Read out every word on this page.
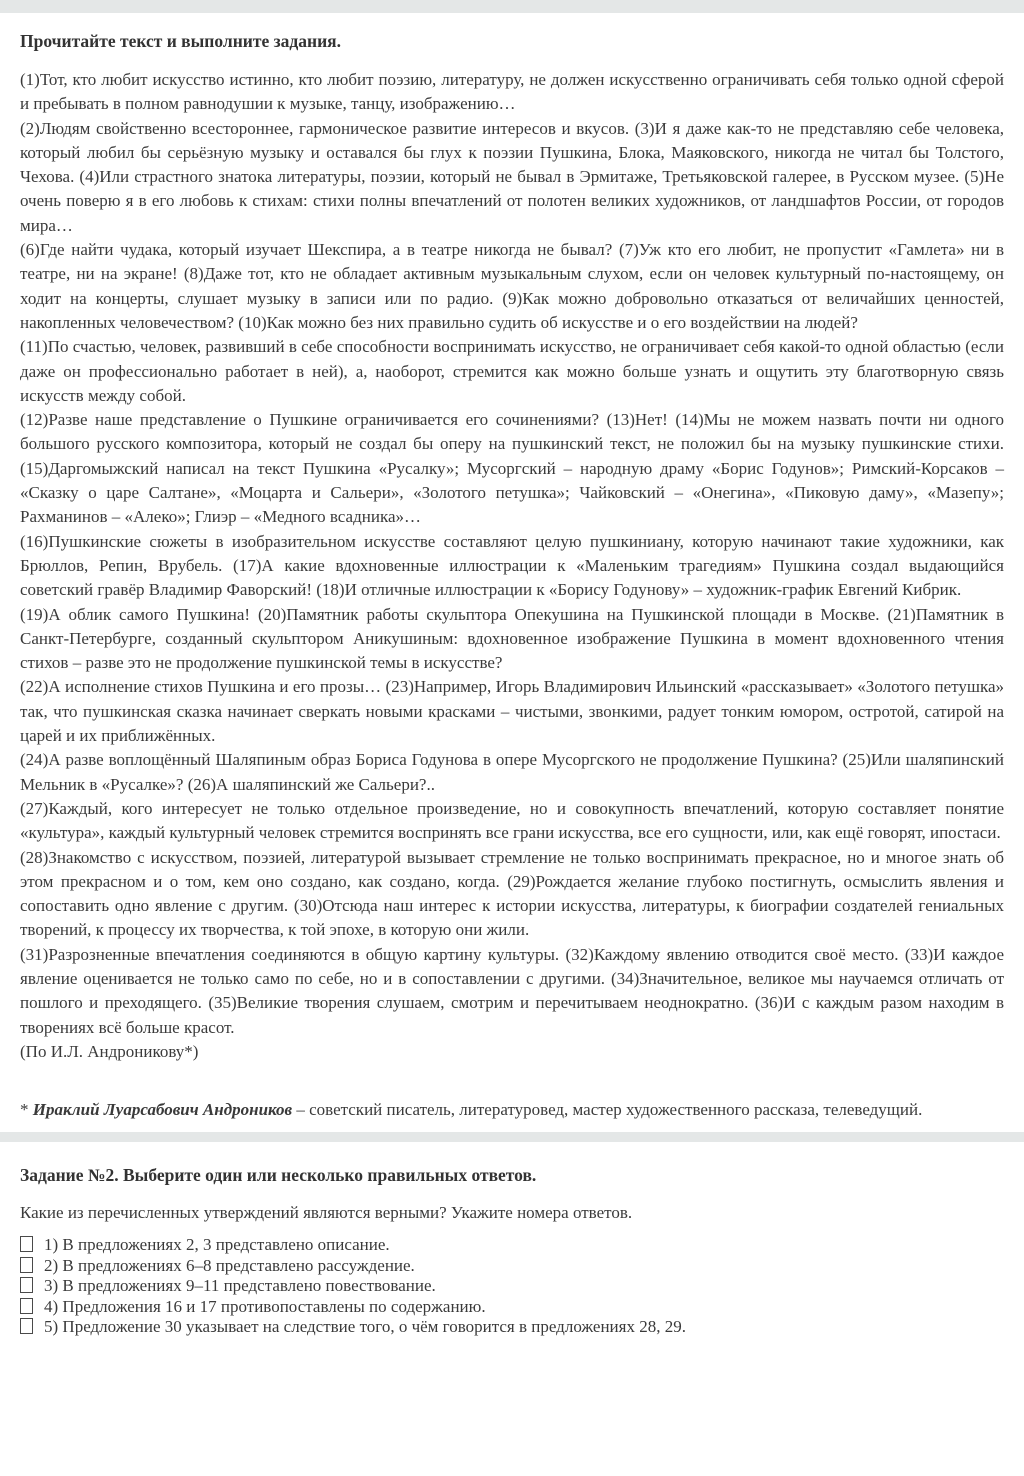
Прочитайте текст и выполните задания.

(1)Тот, кто любит искусство истинно, кто любит поэзию, литературу, не должен искусственно ограничивать себя только одной сферой и пребывать в полном равнодушии к музыке, танцу, изображению…

(2)Людям свойственно всестороннее, гармоническое развитие интересов и вкусов. (3)И я даже как-то не представляю себе человека, который любил бы серьёзную музыку и оставался бы глух к поэзии Пушкина, Блока, Маяковского, никогда не читал бы Толстого, Чехова. (4)Или страстного знатока литературы, поэзии, который не бывал в Эрмитаже, Третьяковской галерее, в Русском музее. (5)Не очень поверю я в его любовь к стихам: стихи полны впечатлений от полотен великих художников, от ландшафтов России, от городов мира…

(6)Где найти чудака, который изучает Шекспира, а в театре никогда не бывал? (7)Уж кто его любит, не пропустит «Гамлета» ни в театре, ни на экране! (8)Даже тот, кто не обладает активным музыкальным слухом, если он человек культурный по-настоящему, он ходит на концерты, слушает музыку в записи или по радио. (9)Как можно добровольно отказаться от величайших ценностей, накопленных человечеством? (10)Как можно без них правильно судить об искусстве и о его воздействии на людей?

(11)По счастью, человек, развивший в себе способности воспринимать искусство, не ограничивает себя какой-то одной областью (если даже он профессионально работает в ней), а, наоборот, стремится как можно больше узнать и ощутить эту благотворную связь искусств между собой.

(12)Разве наше представление о Пушкине ограничивается его сочинениями? (13)Нет! (14)Мы не можем назвать почти ни одного большого русского композитора, который не создал бы оперу на пушкинский текст, не положил бы на музыку пушкинские стихи. (15)Даргомыжский написал на текст Пушкина «Русалку»; Мусоргский – народную драму «Борис Годунов»; Римский-Корсаков – «Сказку о царе Салтане», «Моцарта и Сальери», «Золотого петушка»; Чайковский – «Онегина», «Пиковую даму», «Мазепу»; Рахманинов – «Алеко»; Глиэр – «Медного всадника»…

(16)Пушкинские сюжеты в изобразительном искусстве составляют целую пушкиниану, которую начинают такие художники, как Брюллов, Репин, Врубель. (17)А какие вдохновенные иллюстрации к «Маленьким трагедиям» Пушкина создал выдающийся советский гравёр Владимир Фаворский! (18)И отличные иллюстрации к «Борису Годунову» – художник-график Евгений Кибрик.

(19)А облик самого Пушкина! (20)Памятник работы скульптора Опекушина на Пушкинской площади в Москве. (21)Памятник в Санкт-Петербурге, созданный скульптором Аникушиным: вдохновенное изображение Пушкина в момент вдохновенного чтения стихов – разве это не продолжение пушкинской темы в искусстве?

(22)А исполнение стихов Пушкина и его прозы… (23)Например, Игорь Владимирович Ильинский «рассказывает» «Золотого петушка» так, что пушкинская сказка начинает сверкать новыми красками – чистыми, звонкими, радует тонким юмором, остротой, сатирой на царей и их приближённых.

(24)А разве воплощённый Шаляпиным образ Бориса Годунова в опере Мусоргского не продолжение Пушкина? (25)Или шаляпинский Мельник в «Русалке»? (26)А шаляпинский же Сальери?..

(27)Каждый, кого интересует не только отдельное произведение, но и совокупность впечатлений, которую составляет понятие «культура», каждый культурный человек стремится воспринять все грани искусства, все его сущности, или, как ещё говорят, ипостаси.

(28)Знакомство с искусством, поэзией, литературой вызывает стремление не только воспринимать прекрасное, но и многое знать об этом прекрасном и о том, кем оно создано, как создано, когда. (29)Рождается желание глубоко постигнуть, осмыслить явления и сопоставить одно явление с другим. (30)Отсюда наш интерес к истории искусства, литературы, к биографии создателей гениальных творений, к процессу их творчества, к той эпохе, в которую они жили.

(31)Разрозненные впечатления соединяются в общую картину культуры. (32)Каждому явлению отводится своё место. (33)И каждое явление оценивается не только само по себе, но и в сопоставлении с другими. (34)Значительное, великое мы научаемся отличать от пошлого и преходящего. (35)Великие творения слушаем, смотрим и перечитываем неоднократно. (36)И с каждым разом находим в творениях всё больше красот.

(По И.Л. Андроникову*)

* Ираклий Луарсабович Андроников – советский писатель, литературовед, мастер художественного рассказа, телеведущий.

Задание №2. Выберите один или несколько правильных ответов.

Какие из перечисленных утверждений являются верными? Укажите номера ответов.

1) В предложениях 2, 3 представлено описание.
2) В предложениях 6–8 представлено рассуждение.
3) В предложениях 9–11 представлено повествование.
4) Предложения 16 и 17 противопоставлены по содержанию.
5) Предложение 30 указывает на следствие того, о чём говорится в предложениях 28, 29.
